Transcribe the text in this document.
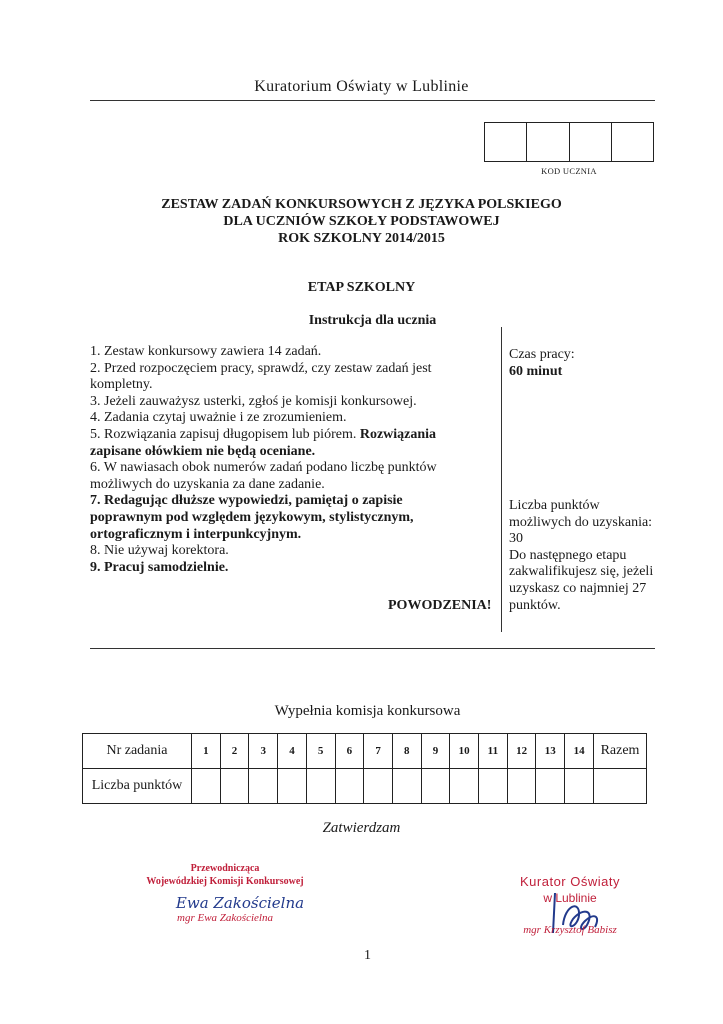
Kuratorium Oświaty w Lublinie
KOD UCZNIA
ZESTAW ZADAŃ KONKURSOWYCH Z JĘZYKA POLSKIEGO
DLA UCZNIÓW SZKOŁY PODSTAWOWEJ
ROK SZKOLNY 2014/2015
ETAP SZKOLNY
Instrukcja dla ucznia

1. Zestaw konkursowy zawiera 14 zadań.

2. Przed rozpoczęciem pracy, sprawdź, czy zestaw zadań jest kompletny.

3. Jeżeli zauważysz usterki, zgłoś je komisji konkursowej.

4. Zadania czytaj uważnie i ze zrozumieniem.

5. Rozwiązania zapisuj długopisem lub piórem. Rozwiązania zapisane ołówkiem nie będą oceniane.

6. W nawiasach obok numerów zadań podano liczbę punktów możliwych do uzyskania za dane zadanie.

7. Redagując dłuższe wypowiedzi, pamiętaj o zapisie poprawnym pod względem językowym, stylistycznym, ortograficznym i interpunkcyjnym.

8. Nie używaj korektora.

9. Pracuj samodzielnie.

POWODZENIA!

Czas pracy:

60 minut

Liczba punktów możliwych do uzyskania: 30

Do następnego etapu zakwalifikujesz się, jeżeli uzyskasz co najmniej 27 punktów.

Wypełnia komisja konkursowa
Nr zadania	1	2	3	4	5	6	7	8	9	10	11	12	13	14	Razem
Liczba punktów															
Zatwierdzam
Przewodnicząca
Wojewódzkiej Komisji Konkursowej
Ewa Zakościelna
mgr Ewa Zakościelna
Kurator Oświaty
w Lublinie
mgr Krzysztof Babisz
1
